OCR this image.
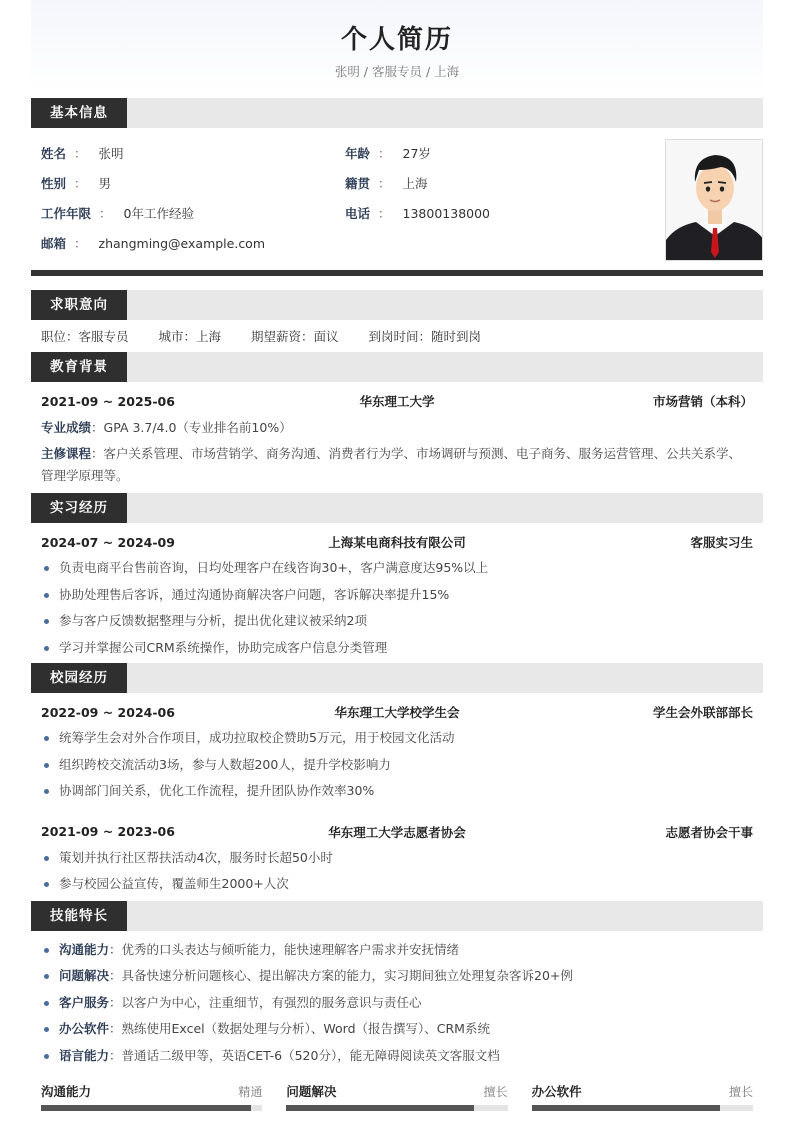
个人简历
张明 / 客服专员 / 上海
基本信息
姓名 ： 张明	年龄 ： 27岁
性别 ： 男	籍贯 ： 上海
工作年限 ： 0年工作经验	电话 ： 13800138000
邮箱 ： zhangming@example.com
求职意向
职位：客服专员 城市：上海 期望薪资：面议 到岗时间：随时到岗
教育背景
2021-09 ~ 2025-06	华东理工大学	市场营销（本科）
专业成绩：GPA 3.7/4.0（专业排名前10%）
主修课程：客户关系管理、市场营销学、商务沟通、消费者行为学、市场调研与预测、电子商务、服务运营管理、公共关系学、管理学原理等。
实习经历
2024-07 ~ 2024-09	上海某电商科技有限公司	客服实习生
负责电商平台售前咨询，日均处理客户在线咨询30+，客户满意度达95%以上
协助处理售后客诉，通过沟通协商解决客户问题，客诉解决率提升15%
参与客户反馈数据整理与分析，提出优化建议被采纳2项
学习并掌握公司CRM系统操作，协助完成客户信息分类管理
校园经历
2022-09 ~ 2024-06	华东理工大学校学生会	学生会外联部部长
统筹学生会对外合作项目，成功拉取校企赞助5万元，用于校园文化活动
组织跨校交流活动3场，参与人数超200人，提升学校影响力
协调部门间关系，优化工作流程，提升团队协作效率30%
2021-09 ~ 2023-06	华东理工大学志愿者协会	志愿者协会干事
策划并执行社区帮扶活动4次，服务时长超50小时
参与校园公益宣传，覆盖师生2000+人次
技能特长
沟通能力：优秀的口头表达与倾听能力，能快速理解客户需求并安抚情绪
问题解决：具备快速分析问题核心、提出解决方案的能力，实习期间独立处理复杂客诉20+例
客户服务：以客户为中心，注重细节，有强烈的服务意识与责任心
办公软件：熟练使用Excel（数据处理与分析）、Word（报告撰写）、CRM系统
语言能力：普通话二级甲等，英语CET-6（520分），能无障碍阅读英文客服文档
沟通能力	精通 问题解决	擅长 办公软件	擅长
